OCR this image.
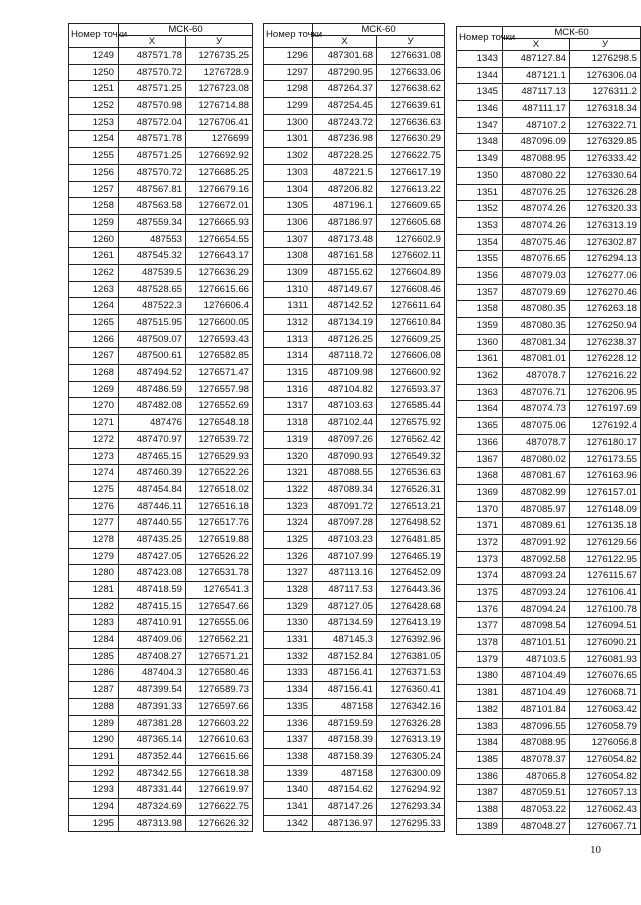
Номер точки	МСК-60	
	X	У
1249	487571.78	1276735.25
1250	487570.72	1276728.9
1251	487571.25	1276723.08
1252	487570.98	1276714.88
1253	487572.04	1276706.41
1254	487571.78	1276699
1255	487571.25	1276692.92
1256	487570.72	1276685.25
1257	487567.81	1276679.16
1258	487563.58	1276672.01
1259	487559.34	1276665.93
1260	487553	1276654.55
1261	487545.32	1276643.17
1262	487539.5	1276636.29
1263	487528.65	1276615.66
1264	487522.3	1276606.4
1265	487515.95	1276600.05
1266	487509.07	1276593.43
1267	487500.61	1276582.85
1268	487494.52	1276571.47
1269	487486.59	1276557.98
1270	487482.08	1276552.69
1271	487476	1276548.18
1272	487470.97	1276539.72
1273	487465.15	1276529.93
1274	487460.39	1276522.26
1275	487454.84	1276518.02
1276	487446.11	1276516.18
1277	487440.55	1276517.76
1278	487435.25	1276519.88
1279	487427.05	1276526.22
1280	487423.08	1276531.78
1281	487418.59	1276541.3
1282	487415.15	1276547.66
1283	487410.91	1276555.06
1284	487409.06	1276562.21
1285	487408.27	1276571.21
1286	487404.3	1276580.46
1287	487399.54	1276589.73
1288	487391.33	1276597.66
1289	487381.28	1276603.22
1290	487365.14	1276610.63
1291	487352.44	1276615.66
1292	487342.55	1276618.38
1293	487331.44	1276619.97
1294	487324.69	1276622.75
1295	487313.98	1276626.32
Номер точки	МСК-60	
	X	У
1296	487301.68	1276631.08
1297	487290.95	1276633.06
1298	487264.37	1276638.62
1299	487254.45	1276639.61
1300	487243.72	1276636.63
1301	487236.98	1276630.29
1302	487228.25	1276622.75
1303	487221.5	1276617.19
1304	487206.82	1276613.22
1305	487196.1	1276609.65
1306	487186.97	1276605.68
1307	487173.48	1276602.9
1308	487161.58	1276602.11
1309	487155.62	1276604.89
1310	487149.67	1276608.46
1311	487142.52	1276611.64
1312	487134.19	1276610.84
1313	487126.25	1276609.25
1314	487118.72	1276606.08
1315	487109.98	1276600.92
1316	487104.82	1276593.37
1317	487103.63	1276585.44
1318	487102.44	1276575.92
1319	487097.26	1276562.42
1320	487090.93	1276549.32
1321	487088.55	1276536.63
1322	487089.34	1276526.31
1323	487091.72	1276513.21
1324	487097.28	1276498.52
1325	487103.23	1276481.85
1326	487107.99	1276465.19
1327	487113.16	1276452.09
1328	487117.53	1276443.36
1329	487127.05	1276428.68
1330	487134.59	1276413.19
1331	487145.3	1276392.96
1332	487152.84	1276381.05
1333	487156.41	1276371.53
1334	487156.41	1276360.41
1335	487158	1276342.16
1336	487159.59	1276326.28
1337	487158.39	1276313.19
1338	487158.39	1276305.24
1339	487158	1276300.09
1340	487154.62	1276294.92
1341	487147.26	1276293.34
1342	487136.97	1276295.33
Номер точки	МСК-60	
	X	У
1343	487127.84	1276298.5
1344	487121.1	1276306.04
1345	487117.13	1276311.2
1346	487111.17	1276318.34
1347	487107.2	1276322.71
1348	487096.09	1276329.85
1349	487088.95	1276333.42
1350	487080.22	1276330.64
1351	487076.25	1276326.28
1352	487074.26	1276320.33
1353	487074.26	1276313.19
1354	487075.46	1276302.87
1355	487076.65	1276294.13
1356	487079.03	1276277.06
1357	487079.69	1276270.46
1358	487080.35	1276263.18
1359	487080.35	1276250.94
1360	487081.34	1276238.37
1361	487081.01	1276228.12
1362	487078.7	1276216.22
1363	487076.71	1276206.95
1364	487074.73	1276197.69
1365	487075.06	1276192.4
1366	487078.7	1276180.17
1367	487080.02	1276173.55
1368	487081.67	1276163.96
1369	487082.99	1276157.01
1370	487085.97	1276148.09
1371	487089.61	1276135.18
1372	487091.92	1276129.56
1373	487092.58	1276122.95
1374	487093.24	1276115.67
1375	487093.24	1276106.41
1376	487094.24	1276100.78
1377	487098.54	1276094.51
1378	487101.51	1276090.21
1379	487103.5	1276081.93
1380	487104.49	1276076.65
1381	487104.49	1276068.71
1382	487101.84	1276063.42
1383	487096.55	1276058.79
1384	487088.95	1276056.8
1385	487078.37	1276054.82
1386	487065.8	1276054.82
1387	487059.51	1276057.13
1388	487053.22	1276062.43
1389	487048.27	1276067.71
10
